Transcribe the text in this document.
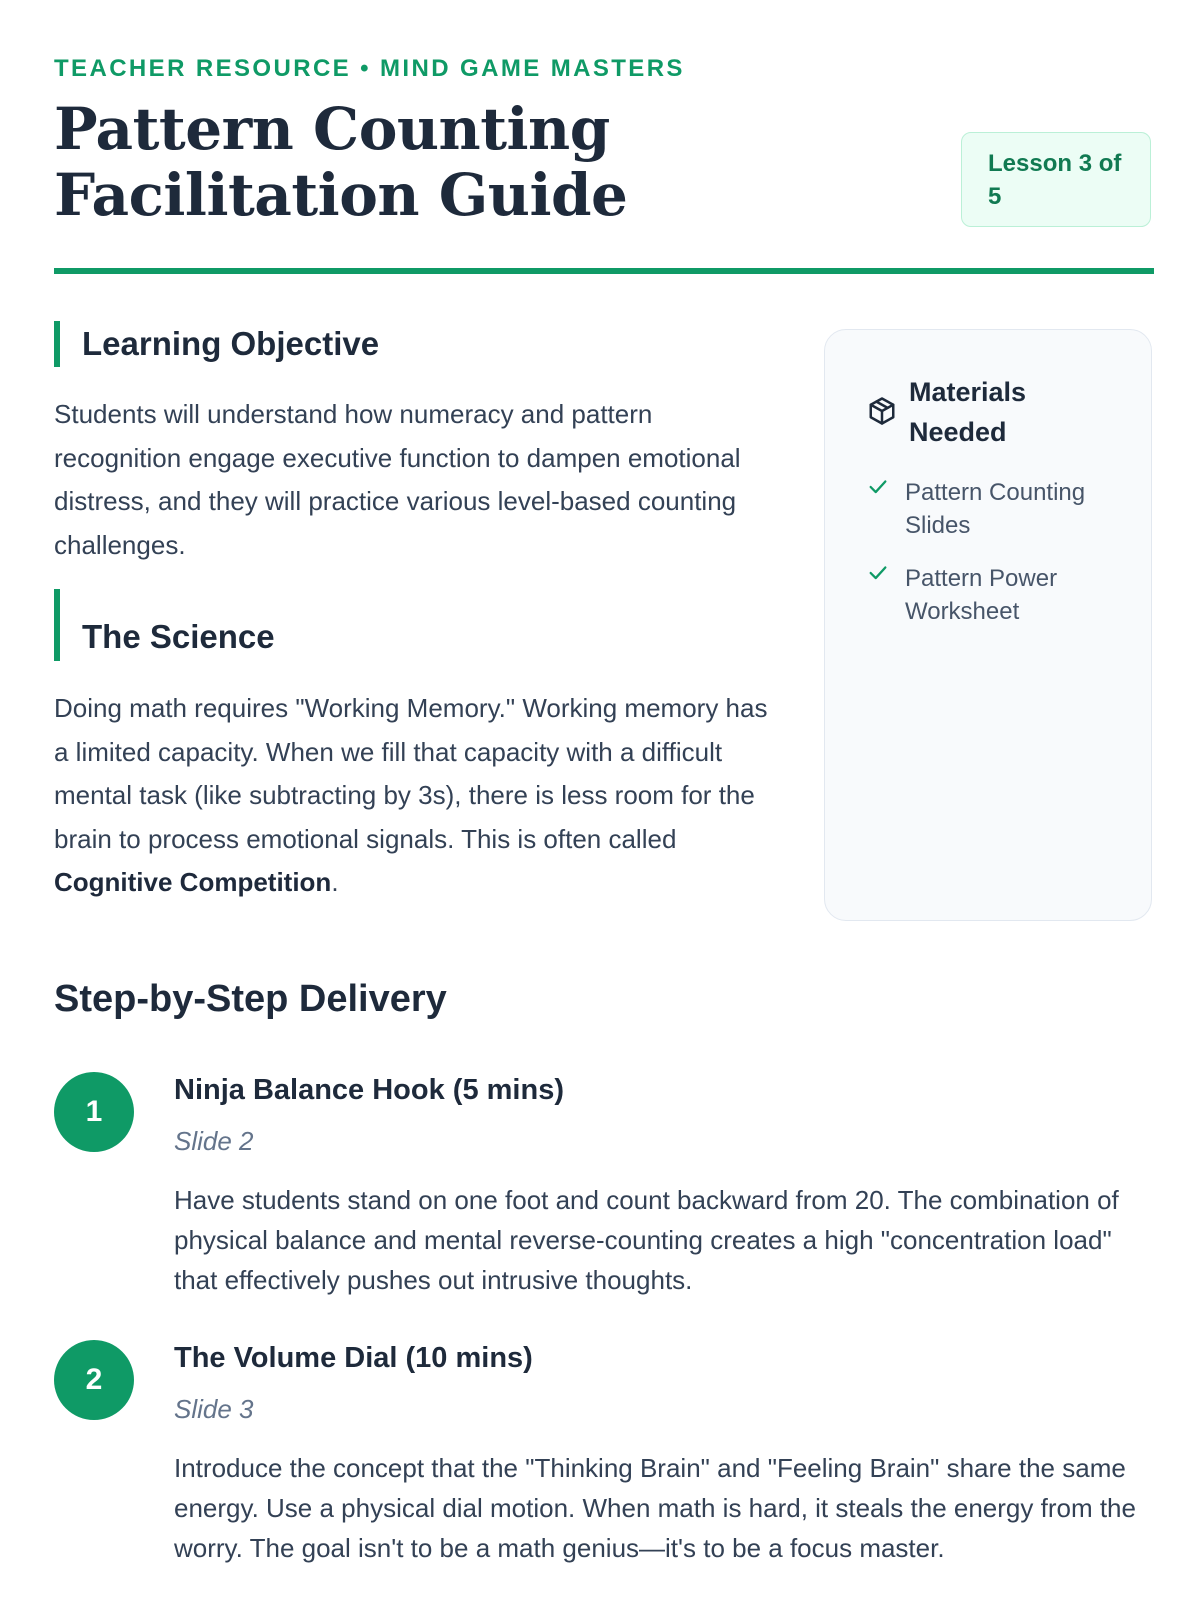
TEACHER RESOURCE • MIND GAME MASTERS
Pattern Counting Facilitation Guide	Lesson 3 of 5
Learning Objective

Students will understand how numeracy and pattern recognition engage executive function to dampen emotional distress, and they will practice various level-based counting challenges.

The Science

Doing math requires "Working Memory." Working memory has a limited capacity. When we fill that capacity with a difficult mental task (like subtracting by 3s), there is less room for the brain to process emotional signals. This is often called Cognitive Competition.

Materials Needed
Pattern Counting Slides
Pattern Power Worksheet
Step-by-Step Delivery
1
Ninja Balance Hook (5 mins)
Slide 2

Have students stand on one foot and count backward from 20. The combination of physical balance and mental reverse-counting creates a high "concentration load" that effectively pushes out intrusive thoughts.

2
The Volume Dial (10 mins)
Slide 3

Introduce the concept that the "Thinking Brain" and "Feeling Brain" share the same energy. Use a physical dial motion. When math is hard, it steals the energy from the worry. The goal isn't to be a math genius—it's to be a focus master.
